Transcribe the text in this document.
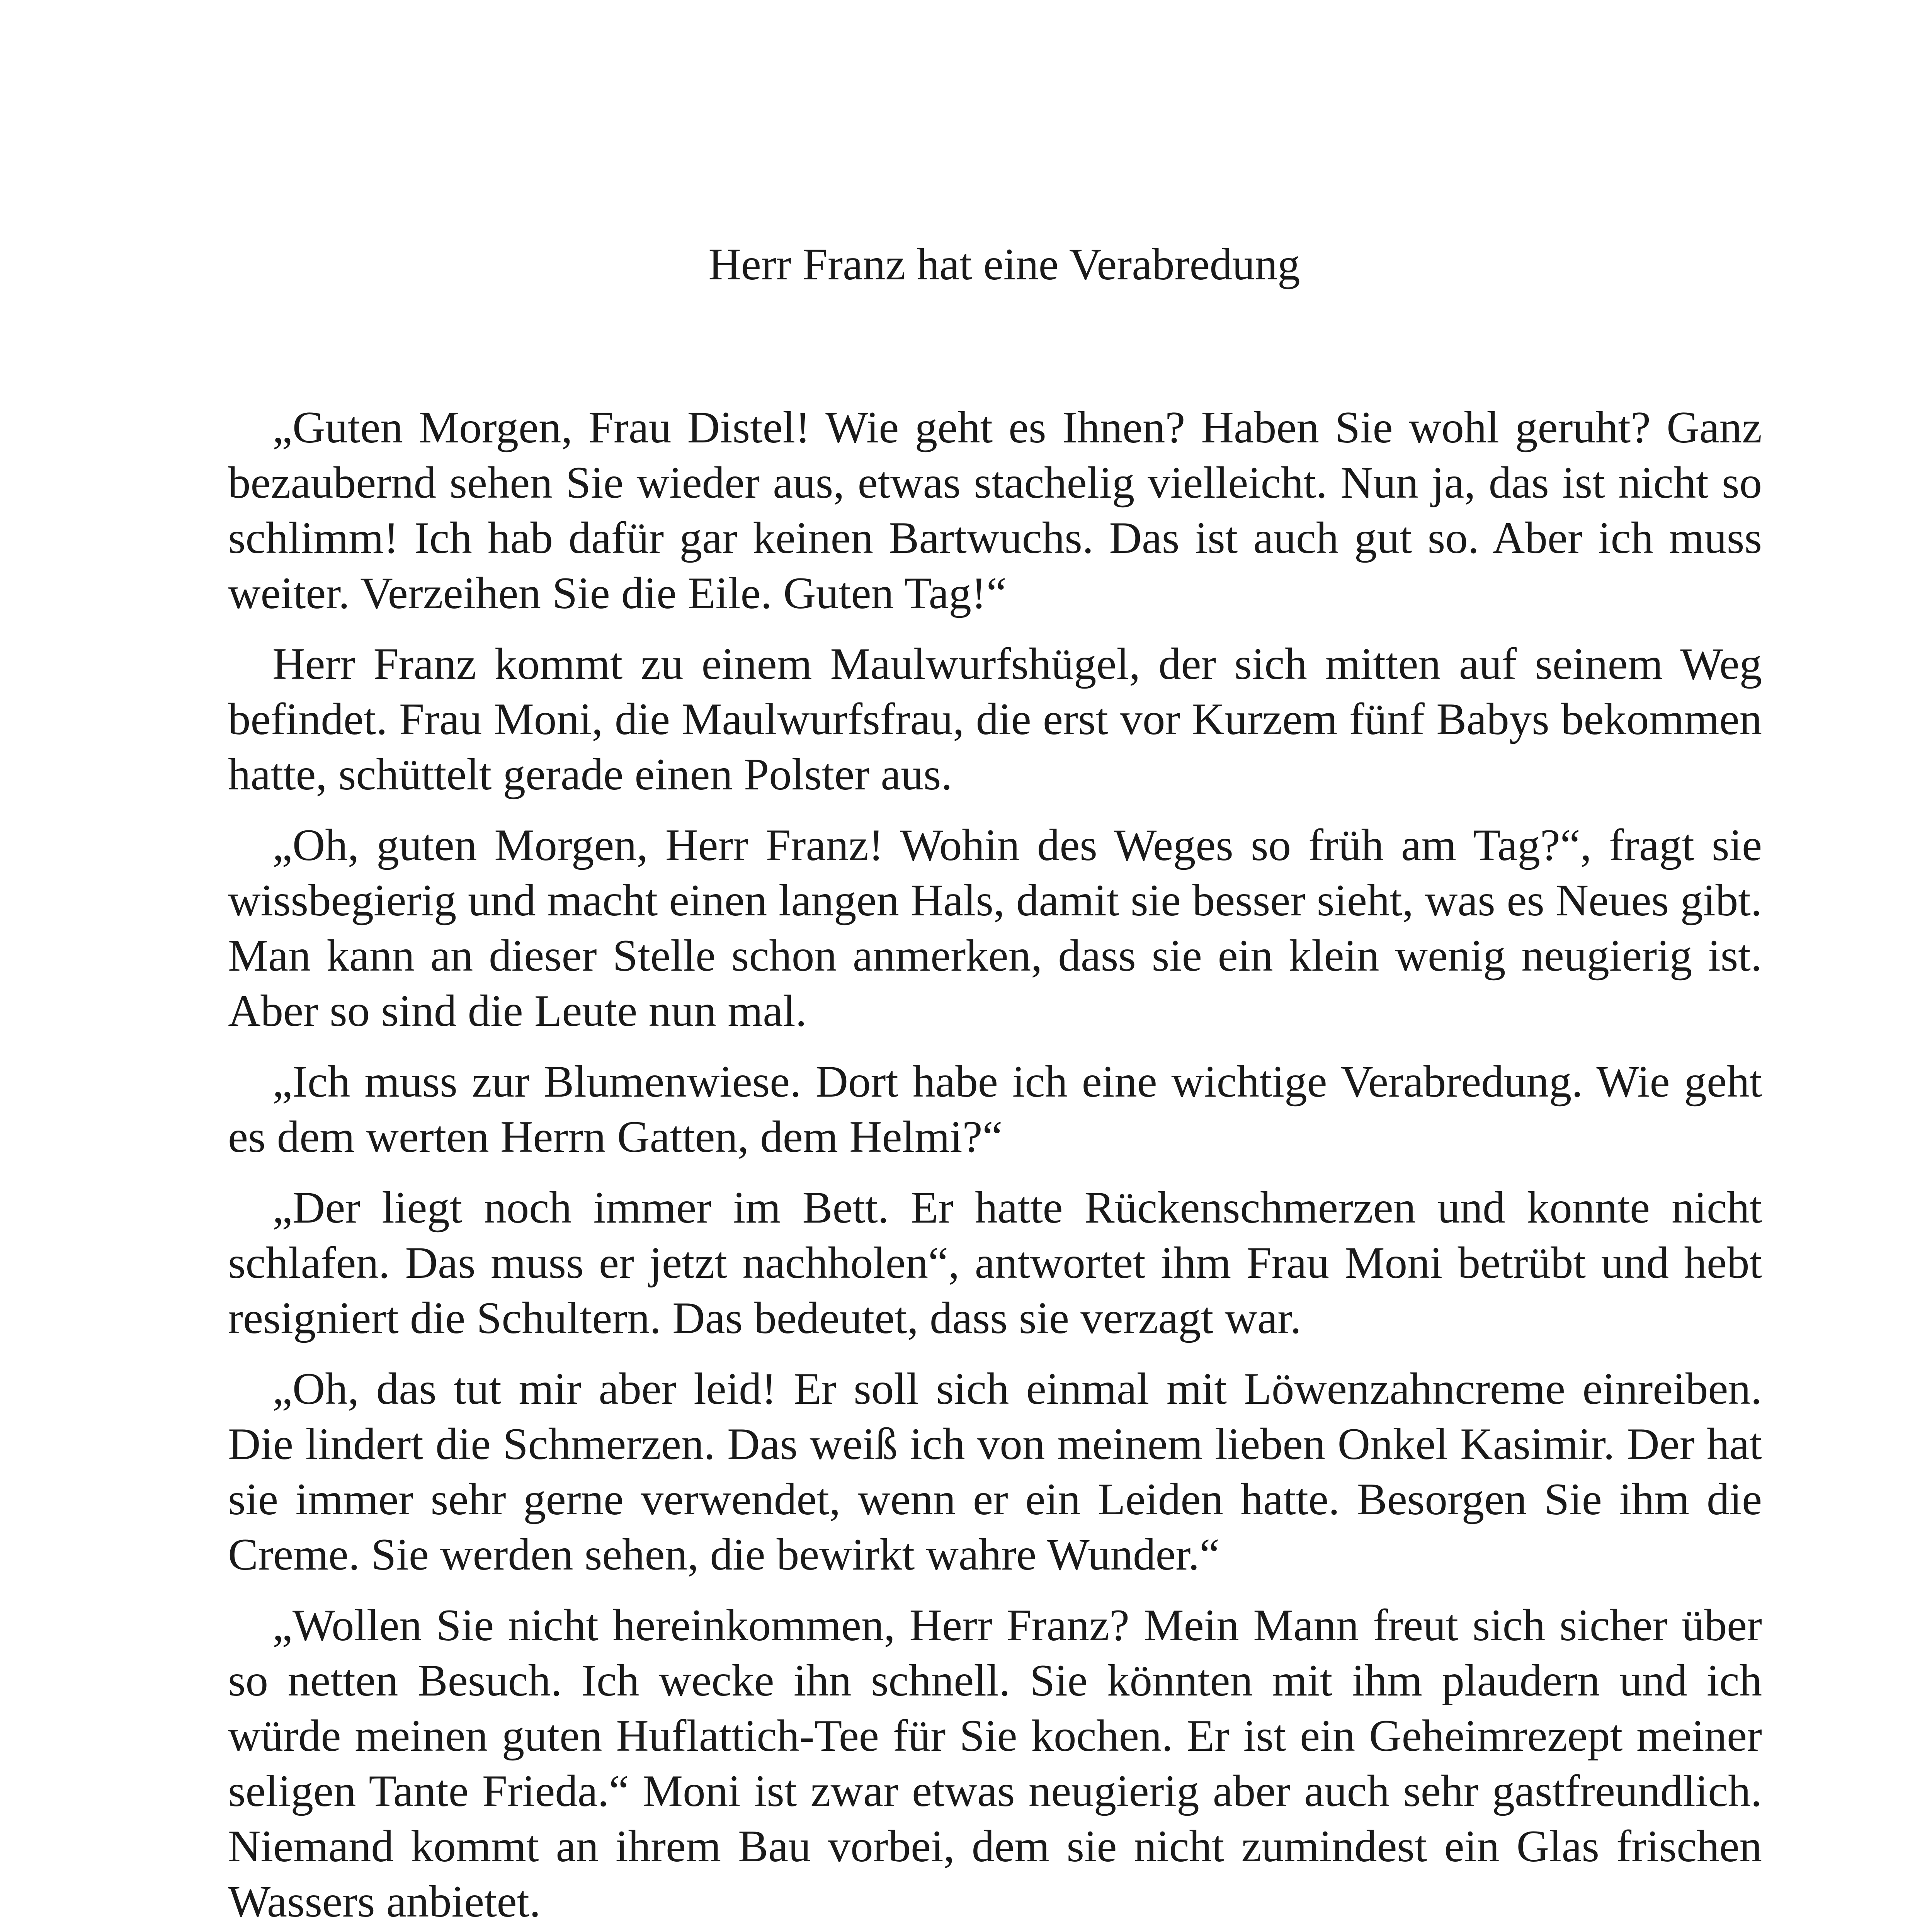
Herr Franz hat eine Verabredung

„Guten Morgen, Frau Distel! Wie geht es Ihnen? Haben Sie wohl geruht? Ganz bezaubernd sehen Sie wieder aus, etwas stachelig vielleicht. Nun ja, das ist nicht so schlimm! Ich hab dafür gar keinen Bartwuchs. Das ist auch gut so. Aber ich muss weiter. Verzeihen Sie die Eile. Guten Tag!“

Herr Franz kommt zu einem Maulwurfshügel, der sich mitten auf seinem Weg befindet. Frau Moni, die Maulwurfsfrau, die erst vor Kurzem fünf Babys bekommen hatte, schüttelt gerade einen Polster aus.

„Oh, guten Morgen, Herr Franz! Wohin des Weges so früh am Tag?“, fragt sie wissbegierig und macht einen langen Hals, damit sie besser sieht, was es Neues gibt. Man kann an dieser Stelle schon anmerken, dass sie ein klein wenig neugierig ist. Aber so sind die Leute nun mal.

„Ich muss zur Blumenwiese. Dort habe ich eine wichtige Verabredung. Wie geht es dem werten Herrn Gatten, dem Helmi?“

„Der liegt noch immer im Bett. Er hatte Rückenschmerzen und konnte nicht schlafen. Das muss er jetzt nachholen“, antwortet ihm Frau Moni betrübt und hebt resigniert die Schultern. Das bedeutet, dass sie verzagt war.

„Oh, das tut mir aber leid! Er soll sich einmal mit Löwenzahncreme einreiben. Die lindert die Schmerzen. Das weiß ich von meinem lieben Onkel Kasimir. Der hat sie immer sehr gerne verwendet, wenn er ein Leiden hatte. Besorgen Sie ihm die Creme. Sie werden sehen, die bewirkt wahre Wunder.“

„Wollen Sie nicht hereinkommen, Herr Franz? Mein Mann freut sich sicher über so netten Besuch. Ich wecke ihn schnell. Sie könnten mit ihm plaudern und ich würde meinen guten Huflattich-Tee für Sie kochen. Er ist ein Geheimrezept meiner seligen Tante Frieda.“ Moni ist zwar etwas neugierig aber auch sehr gastfreundlich. Niemand kommt an ihrem Bau vorbei, dem sie nicht zumindest ein Glas frischen Wassers anbietet.
